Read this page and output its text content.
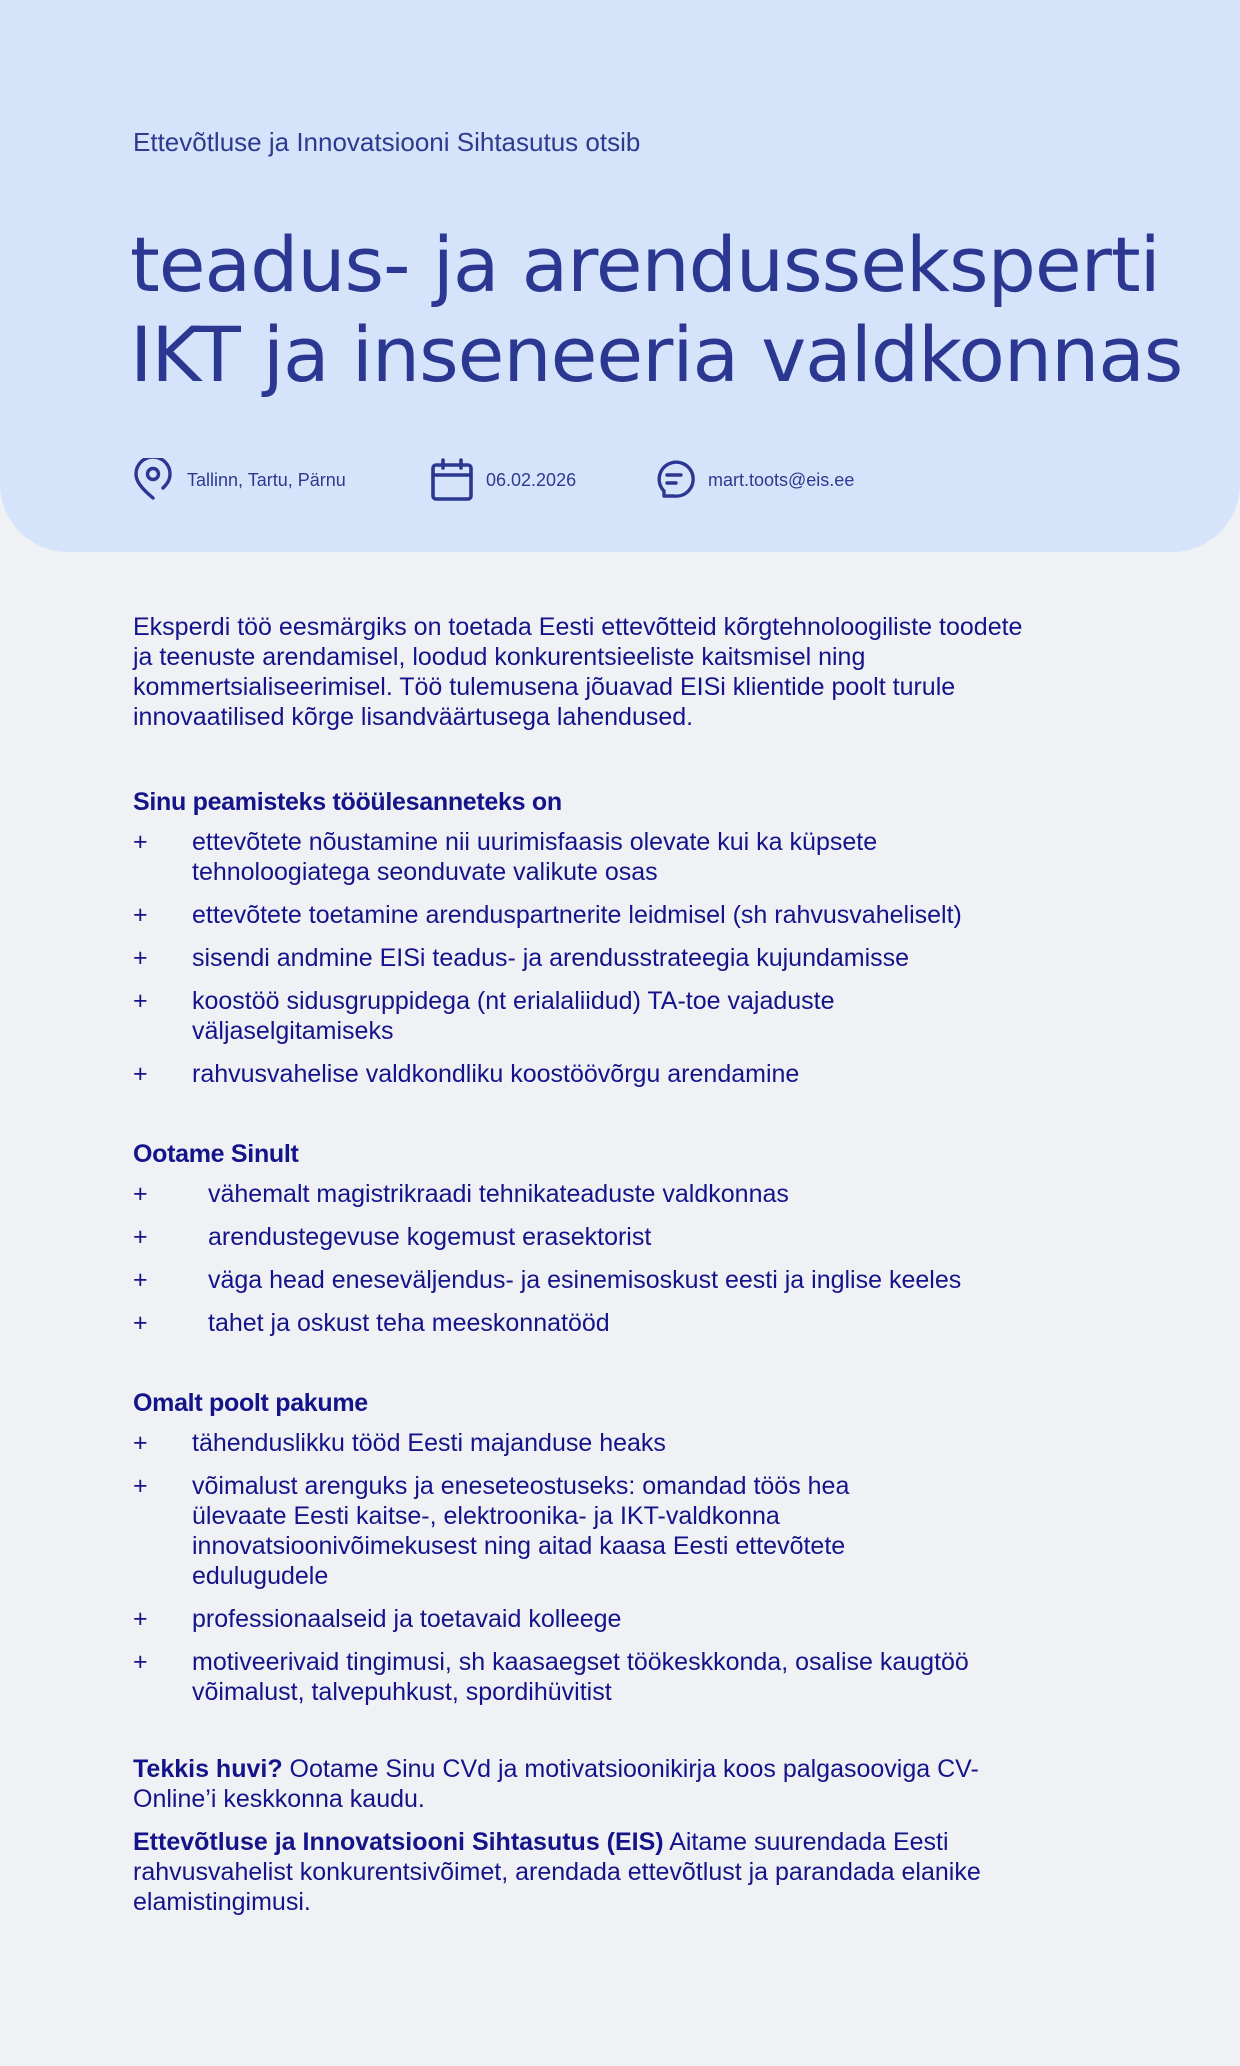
Ettevõtluse ja Innovatsiooni Sihtasutus otsib

teadus- ja arendusseksperti
IKT ja inseneeria valdkonnas
Tallinn, Tartu, Pärnu	06.02.2026	mart.toots@eis.ee

Eksperdi töö eesmärgiks on toetada Eesti ettevõtteid kõrgtehnoloogiliste toodete ja teenuste arendamisel, loodud konkurentsieeliste kaitsmisel ning kommertsialiseerimisel. Töö tulemusena jõuavad EISi klientide poolt turule innovaatilised kõrge lisandväärtusega lahendused.

Sinu peamisteks tööülesanneteks on

+ ettevõtete nõustamine nii uurimisfaasis olevate kui ka küpsete tehnoloogiatega seonduvate valikute osas
+ ettevõtete toetamine arenduspartnerite leidmisel (sh rahvusvaheliselt)
+ sisendi andmine EISi teadus- ja arendusstrateegia kujundamisse
+ koostöö sidusgruppidega (nt erialaliidud) TA-toe vajaduste väljaselgitamiseks
+ rahvusvahelise valdkondliku koostöövõrgu arendamine

Ootame Sinult

+ vähemalt magistrikraadi tehnikateaduste valdkonnas
+ arendustegevuse kogemust erasektorist
+ väga head eneseväljendus- ja esinemisoskust eesti ja inglise keeles
+ tahet ja oskust teha meeskonnatööd

Omalt poolt pakume

+ tähenduslikku tööd Eesti majanduse heaks
+ võimalust arenguks ja eneseteostuseks: omandad töös hea ülevaate Eesti kaitse-, elektroonika- ja IKT-valdkonna innovatsioonivõimekusest ning aitad kaasa Eesti ettevõtete edulugudele
+ professionaalseid ja toetavaid kolleege
+ motiveerivaid tingimusi, sh kaasaegset töökeskkonda, osalise kaugtöö võimalust, talvepuhkust, spordihüvitist

Tekkis huvi? Ootame Sinu CVd ja motivatsioonikirja koos palgasooviga CV-Online’i keskkonna kaudu.

Ettevõtluse ja Innovatsiooni Sihtasutus (EIS) Aitame suurendada Eesti rahvusvahelist konkurentsivõimet, arendada ettevõtlust ja parandada elanike elamistingimusi.
